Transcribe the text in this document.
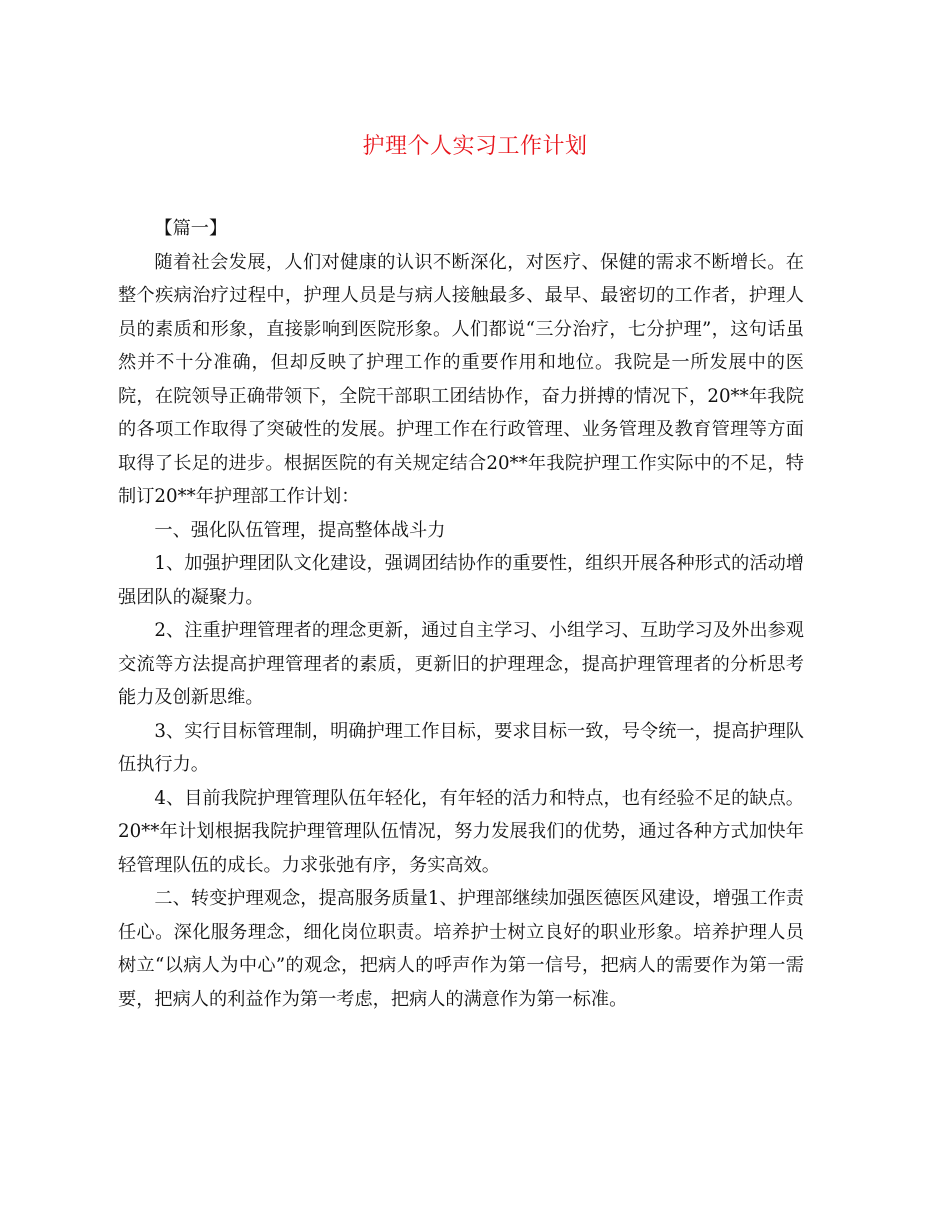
护理个人实习工作计划

【篇一】

随着社会发展，人们对健康的认识不断深化，对医疗、保健的需求不断增长。在整个疾病治疗过程中，护理人员是与病人接触最多、最早、最密切的工作者，护理人员的素质和形象，直接影响到医院形象。人们都说“三分治疗，七分护理”，这句话虽然并不十分准确，但却反映了护理工作的重要作用和地位。我院是一所发展中的医院，在院领导正确带领下，全院干部职工团结协作，奋力拼搏的情况下，20**年我院的各项工作取得了突破性的发展。护理工作在行政管理、业务管理及教育管理等方面取得了长足的进步。根据医院的有关规定结合20**年我院护理工作实际中的不足，特制订20**年护理部工作计划：

一、强化队伍管理，提高整体战斗力

1、加强护理团队文化建设，强调团结协作的重要性，组织开展各种形式的活动增强团队的凝聚力。

2、注重护理管理者的理念更新，通过自主学习、小组学习、互助学习及外出参观交流等方法提高护理管理者的素质，更新旧的护理理念，提高护理管理者的分析思考能力及创新思维。

3、实行目标管理制，明确护理工作目标，要求目标一致，号令统一，提高护理队伍执行力。

4、目前我院护理管理队伍年轻化，有年轻的活力和特点，也有经验不足的缺点。20**年计划根据我院护理管理队伍情况，努力发展我们的优势，通过各种方式加快年轻管理队伍的成长。力求张弛有序，务实高效。

二、转变护理观念，提高服务质量1、护理部继续加强医德医风建设，增强工作责任心。深化服务理念，细化岗位职责。培养护士树立良好的职业形象。培养护理人员树立“以病人为中心”的观念，把病人的呼声作为第一信号，把病人的需要作为第一需要，把病人的利益作为第一考虑，把病人的满意作为第一标准。
